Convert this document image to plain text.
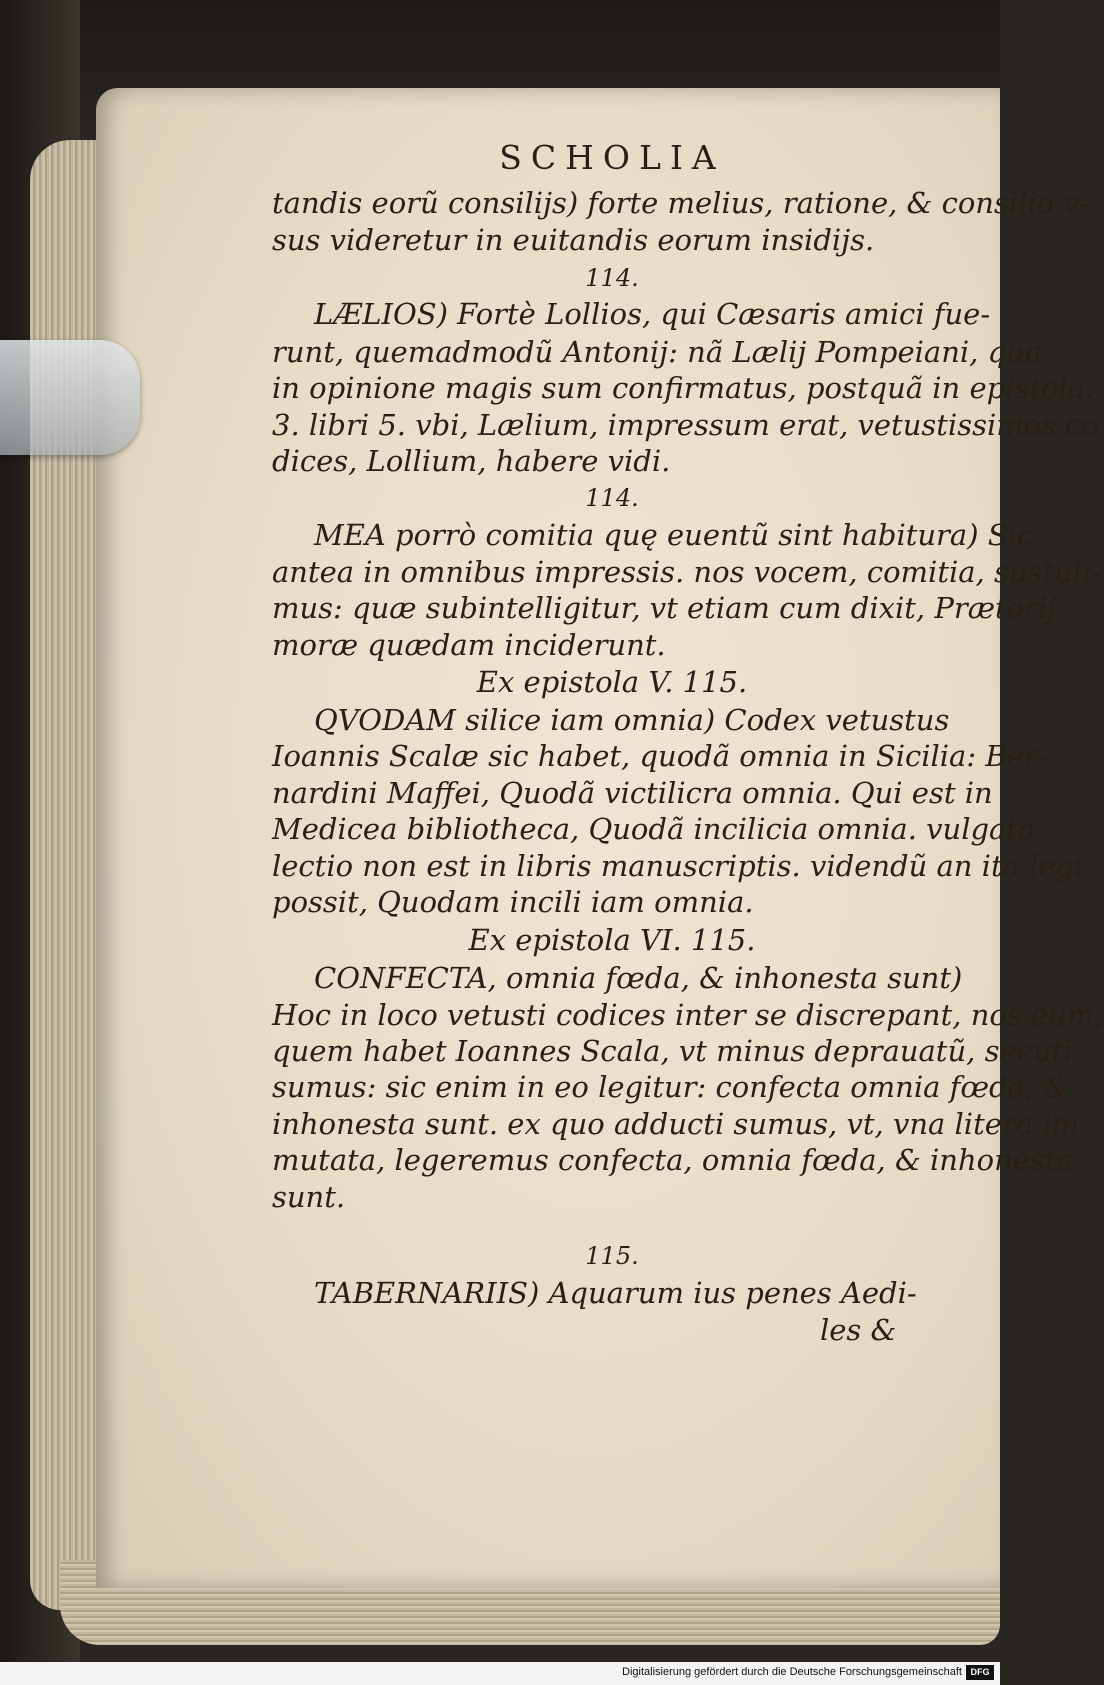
SCHOLIA
tandis eorũ consilijs) forte melius, ratione, & consilio v-
sus videretur in euitandis eorum insidijs.
114.
LÆLIOS) Fortè Lollios, qui Cæsaris amici fue-
runt, quemadmodũ Antonij: nã Lælij Pompeiani, qua
in opinione magis sum confirmatus, postquã in epistola.
3. libri 5. vbi, Lælium, impressum erat, vetustissimos co
dices, Lollium, habere vidi.
114.
MEA porrò comitia quę euentũ sint habitura) Sic
antea in omnibus impressis. nos vocem, comitia, sustuli-
mus: quæ subintelligitur, vt etiam cum dixit, Prætorij
moræ quædam inciderunt.
Ex epistola V. 115.
QVODAM silice iam omnia) Codex vetustus
Ioannis Scalæ sic habet, quodã omnia in Sicilia: Ber-
nardini Maffei, Quodã victilicra omnia. Qui est in
Medicea bibliotheca, Quodã incilicia omnia. vulgata
lectio non est in libris manuscriptis. videndũ an ita legi
possit, Quodam incili iam omnia.
Ex epistola VI. 115.
CONFECTA, omnia fœda, & inhonesta sunt)
Hoc in loco vetusti codices inter se discrepant, nos eum,
quem habet Ioannes Scala, vt minus deprauatũ, secuti
sumus: sic enim in eo legitur: confecta omnia fœda, &
inhonesta sunt. ex quo adducti sumus, vt, vna litera im
mutata, legeremus confecta, omnia fœda, & inhonesta
sunt.
115.
TABERNARIIS) Aquarum ius penes Aedi-
les &
Digitalisierung gefördert durch die Deutsche Forschungsgemeinschaft DFG
